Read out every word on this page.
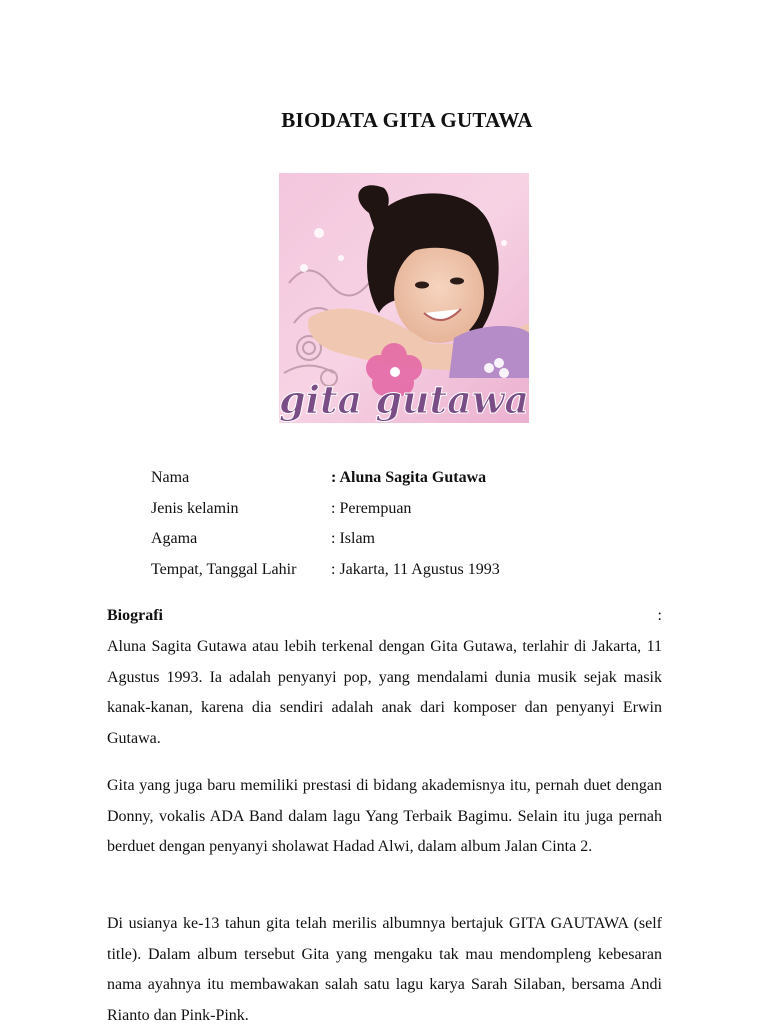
BIODATA GITA GUTAWA
gita gutawa
Nama	: Aluna Sagita Gutawa
Jenis kelamin	: Perempuan
Agama	: Islam
Tempat, Tanggal Lahir : Jakarta, 11 Agustus 1993
Biografi	:
Aluna Sagita Gutawa atau lebih terkenal dengan Gita Gutawa, terlahir di Jakarta, 11 Agustus 1993. Ia adalah penyanyi pop, yang mendalami dunia musik sejak masik kanak-kanan, karena dia sendiri adalah anak dari komposer dan penyanyi Erwin Gutawa.
Gita yang juga baru memiliki prestasi di bidang akademisnya itu, pernah duet dengan Donny, vokalis ADA Band dalam lagu Yang Terbaik Bagimu. Selain itu juga pernah berduet dengan penyanyi sholawat Hadad Alwi, dalam album Jalan Cinta 2.
Di usianya ke-13 tahun gita telah merilis albumnya bertajuk GITA GAUTAWA (self title). Dalam album tersebut Gita yang mengaku tak mau mendompleng kebesaran nama ayahnya itu membawakan salah satu lagu karya Sarah Silaban, bersama Andi Rianto dan Pink-Pink.
